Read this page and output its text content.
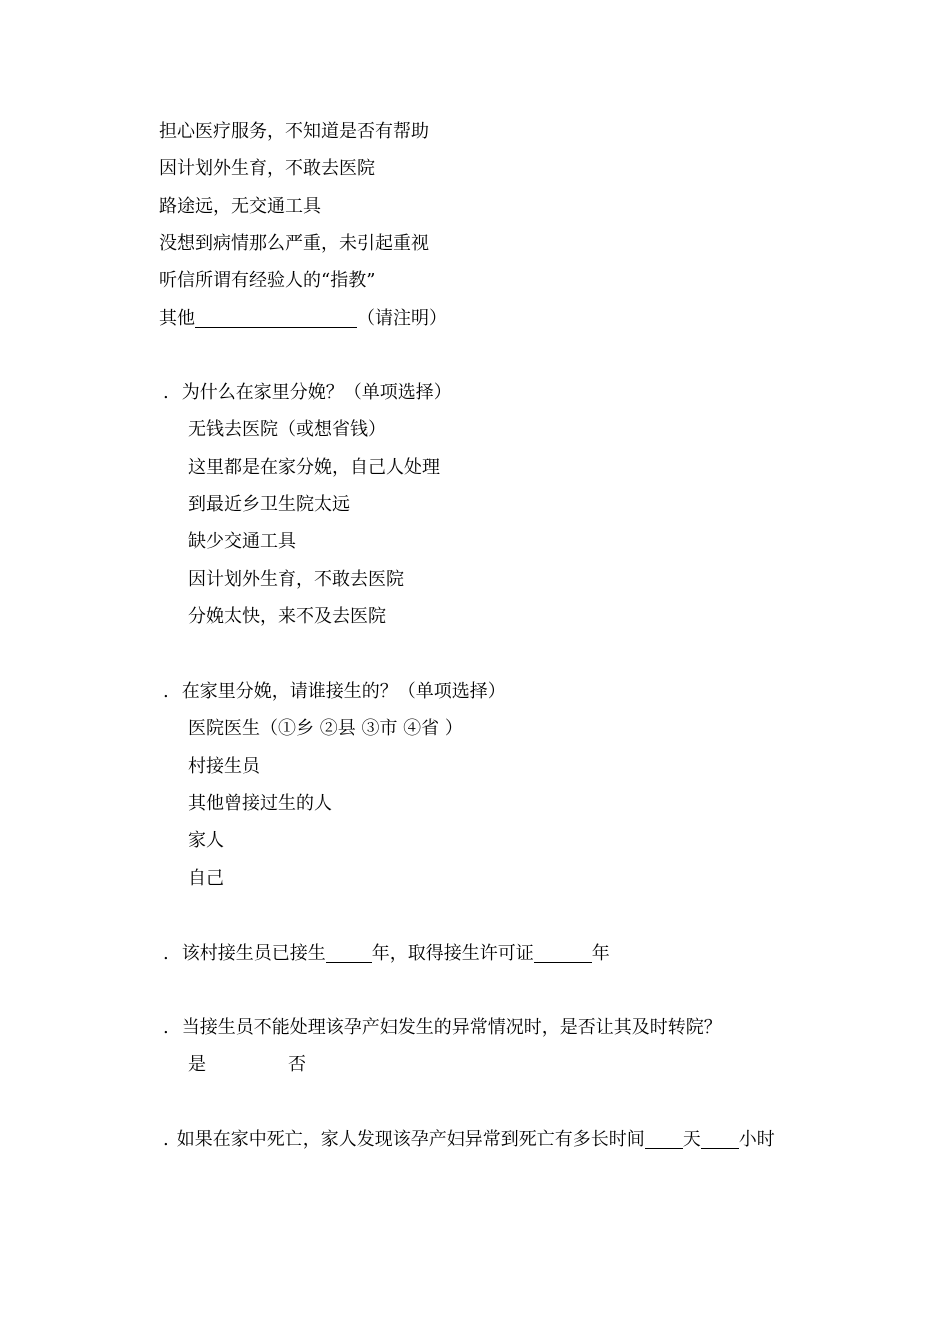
担心医疗服务，不知道是否有帮助
因计划外生育，不敢去医院
路途远，无交通工具
没想到病情那么严重，未引起重视
听信所谓有经验人的“指教”
其他	（请注明）
. 为什么在家里分娩？（单项选择）
无钱去医院（或想省钱）
这里都是在家分娩，自己人处理
到最近乡卫生院太远
缺少交通工具
因计划外生育，不敢去医院
分娩太快，来不及去医院
. 在家里分娩，请谁接生的？（单项选择）
医院医生（①乡 ②县 ③市 ④省 ）
村接生员
其他曾接过生的人
家人
自己
. 该村接生员已接生	年，取得接生许可证	年
. 当接生员不能处理该孕产妇发生的异常情况时，是否让其及时转院？
是	否
. 如果在家中死亡，家人发现该孕产妇异常到死亡有多长时间 天 小时
